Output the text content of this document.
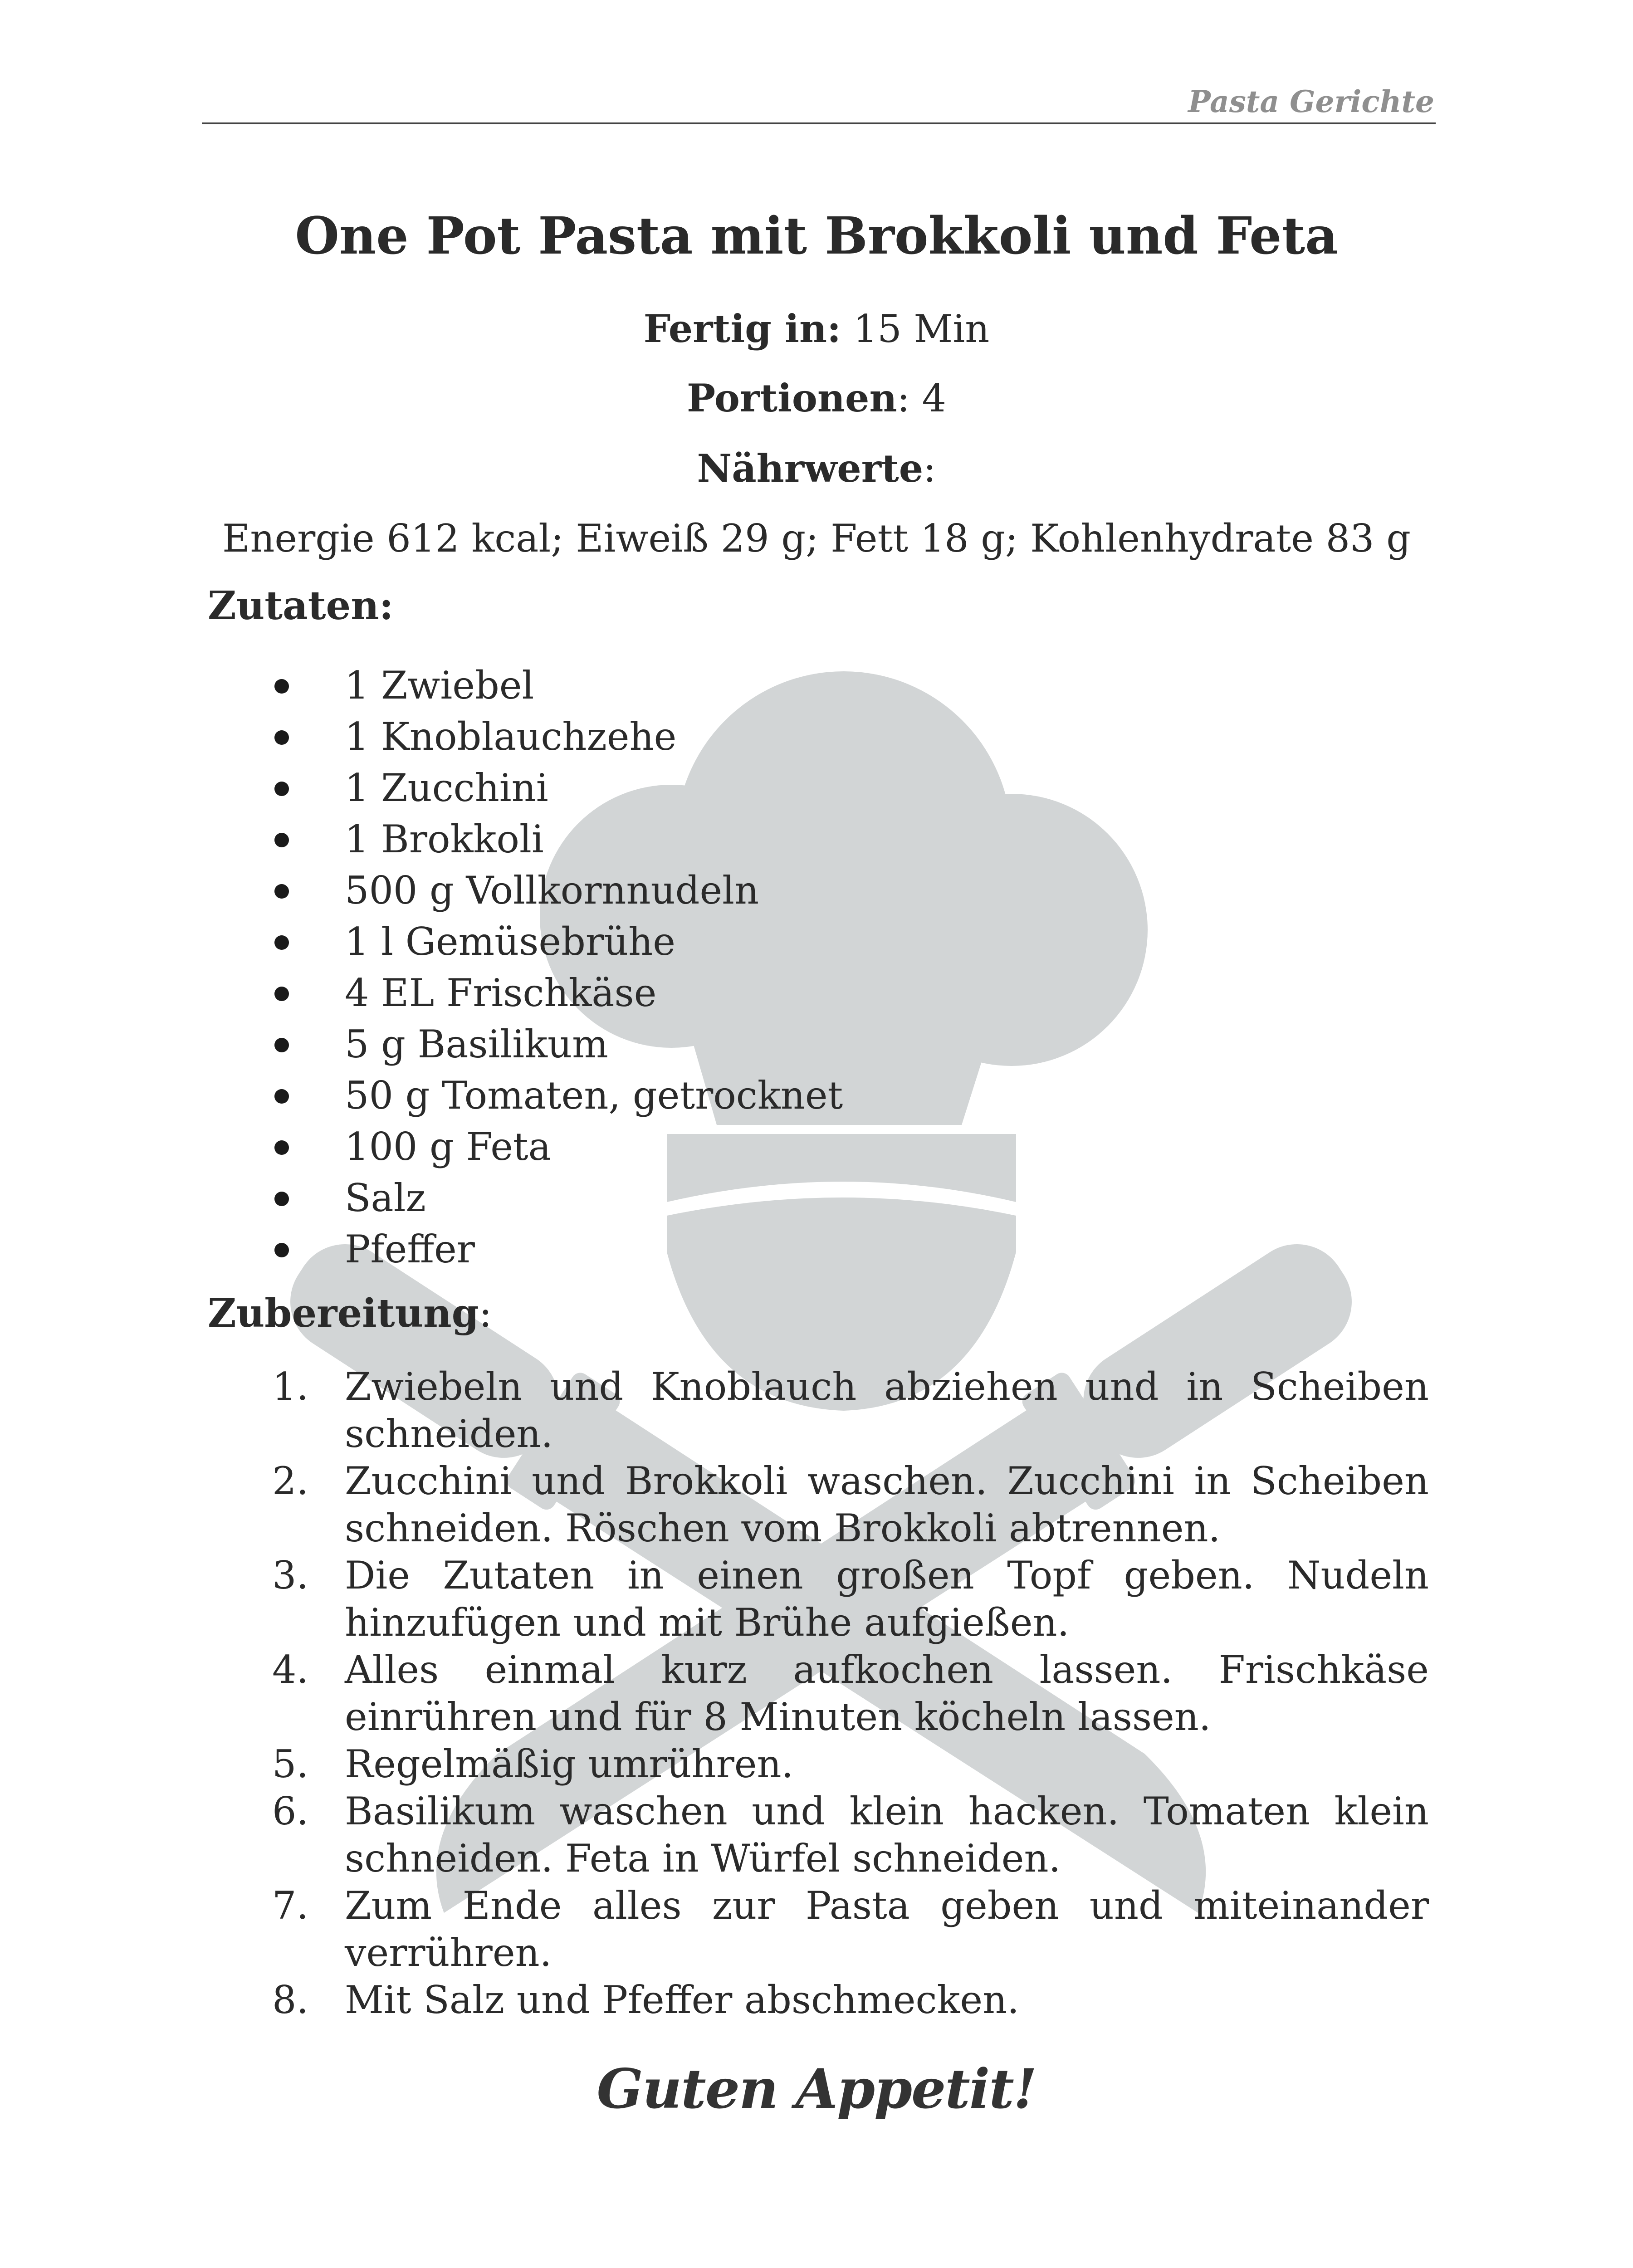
Pasta Gerichte
One Pot Pasta mit Brokkoli und Feta
Fertig in: 15 Min
Portionen: 4
Nährwerte:
Energie 612 kcal; Eiweiß 29 g; Fett 18 g; Kohlenhydrate 83 g
Zutaten:
1 Zwiebel
1 Knoblauchzehe
1 Zucchini
1 Brokkoli
500 g Vollkornnudeln
1 l Gemüsebrühe
4 EL Frischkäse
5 g Basilikum
50 g Tomaten, getrocknet
100 g Feta
Salz
Pfeffer
Zubereitung:
1. Zwiebeln und Knoblauch abziehen und in Scheiben schneiden.
2. Zucchini und Brokkoli waschen. Zucchini in Scheiben schneiden. Röschen vom Brokkoli abtrennen.
3. Die Zutaten in einen großen Topf geben. Nudeln hinzufügen und mit Brühe aufgießen.
4. Alles einmal kurz aufkochen lassen. Frischkäse einrühren und für 8 Minuten köcheln lassen.
5. Regelmäßig umrühren.
6. Basilikum waschen und klein hacken. Tomaten klein schneiden. Feta in Würfel schneiden.
7. Zum Ende alles zur Pasta geben und miteinander verrühren.
8. Mit Salz und Pfeffer abschmecken.
Guten Appetit!
